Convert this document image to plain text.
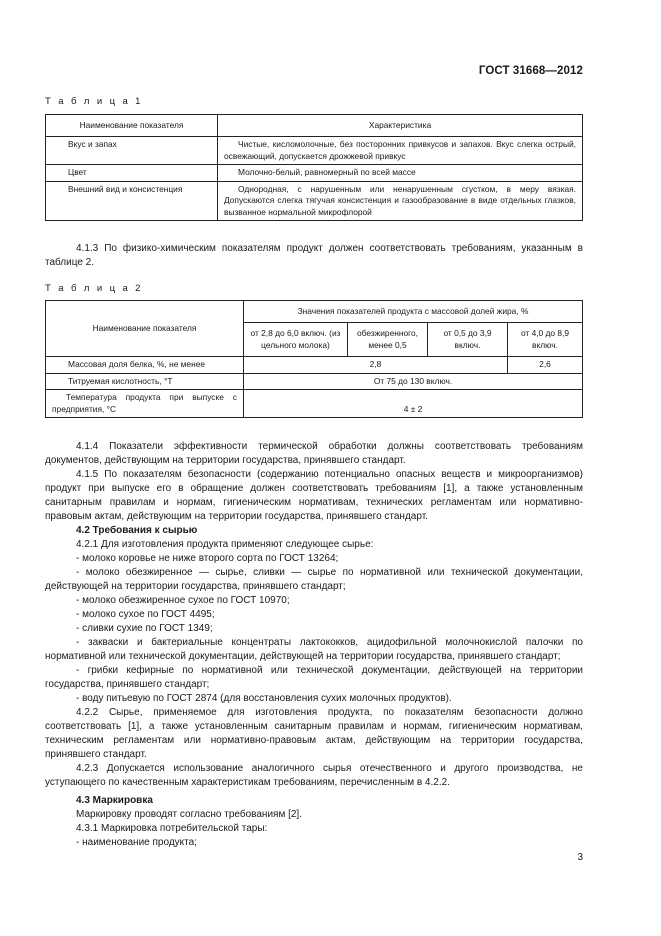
ГОСТ 31668—2012
Т а б л и ц а 1
Наименование показателя	Характеристика
Вкус и запах	Чистые, кисломолочные, без посторонних привкусов и запахов. Вкус слегка острый, освежающий, допускается дрожжевой привкус
Цвет	Молочно-белый, равномерный по всей массе
Внешний вид и консистенция	Однородная, с нарушенным или ненарушенным сгустком, в меру вязкая. Допускаются слегка тягучая консистенция и газообразование в виде отдельных глазков, вызванное нормальной микрофлорой

4.1.3 По физико-химическим показателям продукт должен соответствовать требованиям, указанным в таблице 2.

Т а б л и ц а 2
Наименование показателя	Значения показателей продукта с массовой долей жира, %			
	от 2,8 до 6,0 включ. (из цельного молока)	обезжиренного, менее 0,5	от 0,5 до 3,9 включ.	от 4,0 до 8,9 включ.
Массовая доля белка, %, не менее	2,8			2,6
Титруемая кислотность, °Т	От 75 до 130 включ.			
Температура продукта при выпуске с предприятия, °С	4 ± 2			

4.1.4 Показатели эффективности термической обработки должны соответствовать требованиям документов, действующим на территории государства, принявшего стандарт.

4.1.5 По показателям безопасности (содержанию потенциально опасных веществ и микроорганизмов) продукт при выпуске его в обращение должен соответствовать требованиям [1], а также установленным санитарным правилам и нормам, гигиеническим нормативам, технических регламентам или нормативно-правовым актам, действующим на территории государства, принявшего стандарт.

4.2 Требования к сырью

4.2.1 Для изготовления продукта применяют следующее сырье:

- молоко коровье не ниже второго сорта по ГОСТ 13264;

- молоко обезжиренное — сырье, сливки — сырье по нормативной или технической документации, действующей на территории государства, принявшего стандарт;

- молоко обезжиренное сухое по ГОСТ 10970;

- молоко сухое по ГОСТ 4495;

- сливки сухие по ГОСТ 1349;

- закваски и бактериальные концентраты лактококков, ацидофильной молочнокислой палочки по нормативной или технической документации, действующей на территории государства, принявшего стандарт;

- грибки кефирные по нормативной или технической документации, действующей на территории государства, принявшего стандарт;

- воду питьевую по ГОСТ 2874 (для восстановления сухих молочных продуктов).

4.2.2 Сырье, применяемое для изготовления продукта, по показателям безопасности должно соответствовать [1], а также установленным санитарным правилам и нормам, гигиеническим нормативам, техническим регламентам или нормативно-правовым актам, действующим на территории государства, принявшего стандарт.

4.2.3 Допускается использование аналогичного сырья отечественного и другого производства, не уступающего по качественным характеристикам требованиям, перечисленным в 4.2.2.

4.3 Маркировка

Маркировку проводят согласно требованиям [2].

4.3.1 Маркировка потребительской тары:

- наименование продукта;

3
